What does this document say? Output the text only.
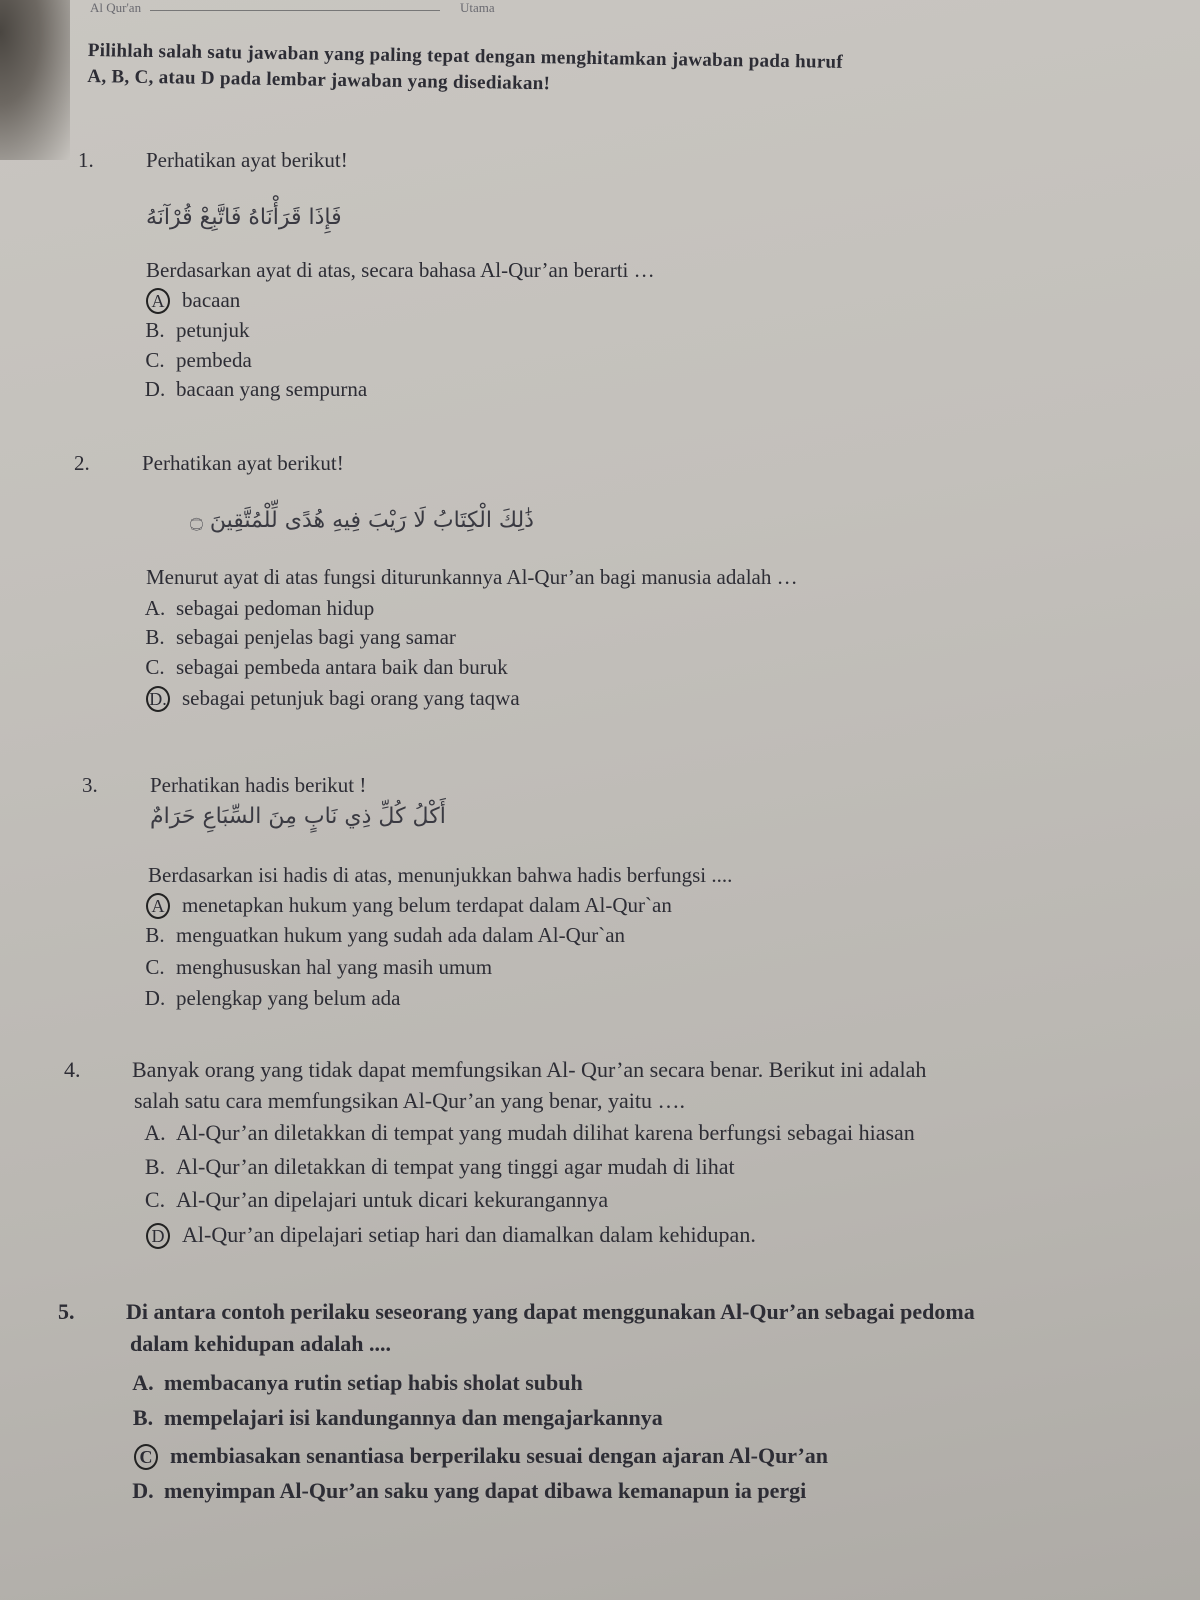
Al Qur'an	Utama
Pilihlah salah satu jawaban yang paling tepat dengan menghitamkan jawaban pada huruf
A, B, C, atau D pada lembar jawaban yang disediakan!
1. Perhatikan ayat berikut!
فَإِذَا قَرَأْنَاهُ فَاتَّبِعْ قُرْآنَهُ
Berdasarkan ayat di atas, secara bahasa Al-Qur’an berarti …
A bacaan
B. petunjuk
C. pembeda
D. bacaan yang sempurna
2. Perhatikan ayat berikut!
ذَٰلِكَ الْكِتَابُ لَا رَيْبَ فِيهِ هُدًى لِّلْمُتَّقِينَ ۝
Menurut ayat di atas fungsi diturunkannya Al-Qur’an bagi manusia adalah …
A. sebagai pedoman hidup
B. sebagai penjelas bagi yang samar
C. sebagai pembeda antara baik dan buruk
D. sebagai petunjuk bagi orang yang taqwa
3. Perhatikan hadis berikut !
أَكْلُ كُلِّ ذِي نَابٍ مِنَ السِّبَاعِ حَرَامٌ
Berdasarkan isi hadis di atas, menunjukkan bahwa hadis berfungsi ....
A menetapkan hukum yang belum terdapat dalam Al-Qur`an
B. menguatkan hukum yang sudah ada dalam Al-Qur`an
C. menghususkan hal yang masih umum
D. pelengkap yang belum ada
4. Banyak orang yang tidak dapat memfungsikan Al- Qur’an secara benar. Berikut ini adalah
salah satu cara memfungsikan Al-Qur’an yang benar, yaitu ….
A. Al-Qur’an diletakkan di tempat yang mudah dilihat karena berfungsi sebagai hiasan
B. Al-Qur’an diletakkan di tempat yang tinggi agar mudah di lihat
C. Al-Qur’an dipelajari untuk dicari kekurangannya
D Al-Qur’an dipelajari setiap hari dan diamalkan dalam kehidupan.
5. Di antara contoh perilaku seseorang yang dapat menggunakan Al-Qur’an sebagai pedoma
dalam kehidupan adalah ....
A. membacanya rutin setiap habis sholat subuh
B. mempelajari isi kandungannya dan mengajarkannya
C membiasakan senantiasa berperilaku sesuai dengan ajaran Al-Qur’an
D. menyimpan Al-Qur’an saku yang dapat dibawa kemanapun ia pergi
